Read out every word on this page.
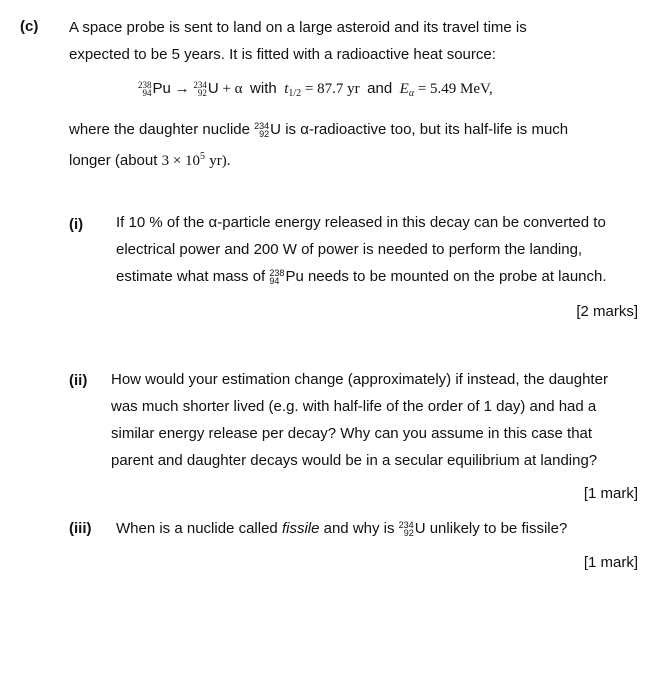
(c) A space probe is sent to land on a large asteroid and its travel time is
expected to be 5 years. It is fitted with a radioactive heat source:
238
94 Pu → 234
92 U + α with $t_{1/2} = 87.7$ yr and $E_\alpha = 5.49$ MeV,
where the daughter nuclide 234
92 U is α-radioactive too, but its half-life is much
longer (about $3 \times 10^5$ yr).
(i) If 10 % of the α-particle energy released in this decay can be converted to
electrical power and 200 W of power is needed to perform the landing,
estimate what mass of 238
94 Pu needs to be mounted on the probe at launch.
[2 marks]
(ii) How would your estimation change (approximately) if instead, the daughter
was much shorter lived (e.g. with half-life of the order of 1 day) and had a
similar energy release per decay? Why can you assume in this case that
parent and daughter decays would be in a secular equilibrium at landing?
[1 mark]
(iii) When is a nuclide called fissile and why is 234
92 U unlikely to be fissile?
[1 mark]
